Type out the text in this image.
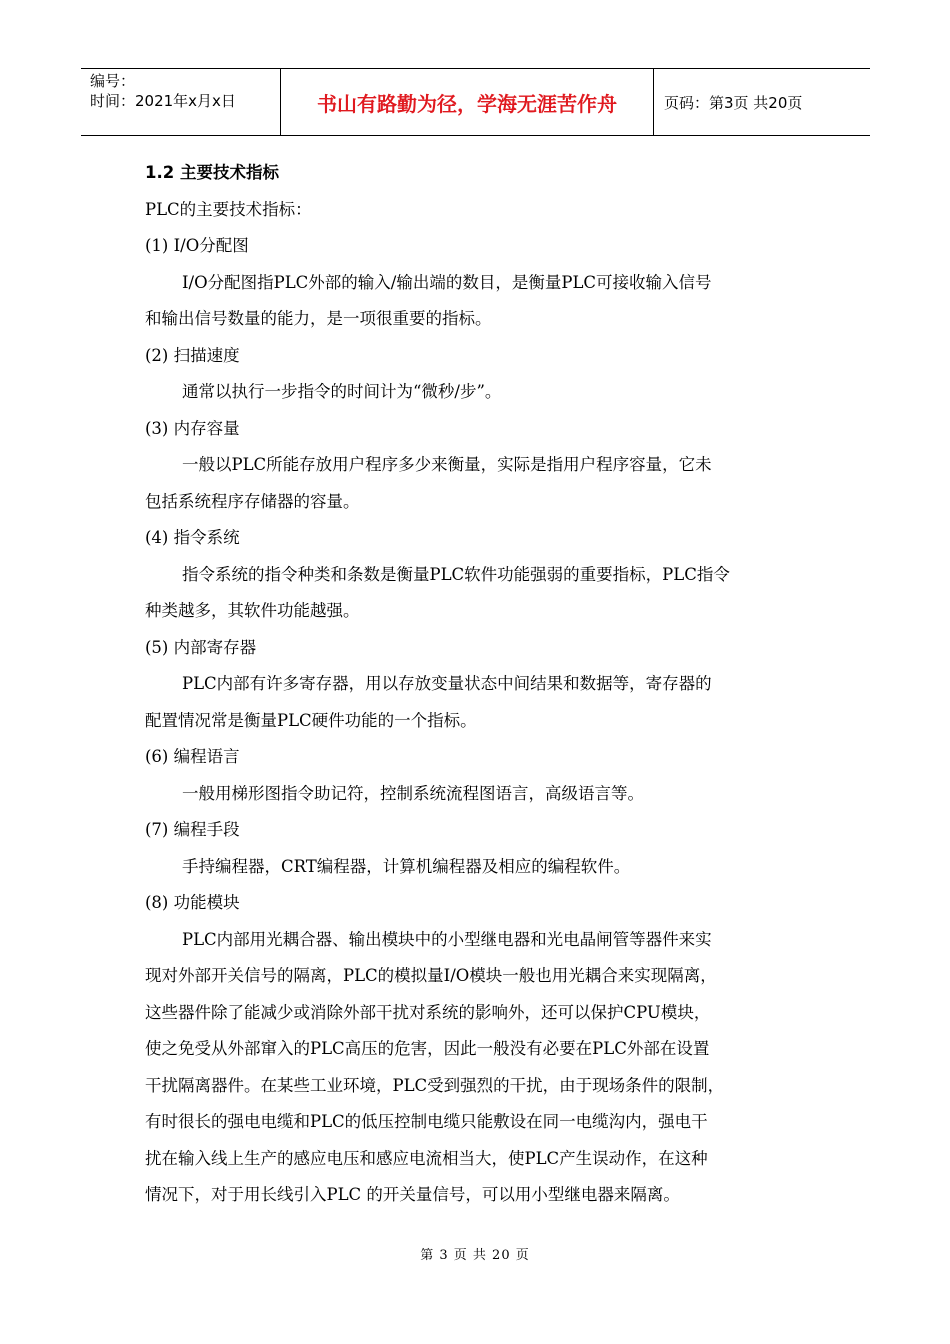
编号：
时间：2021年x月x日	书山有路勤为径，学海无涯苦作舟	页码：第3页 共20页

1.2 主要技术指标

PLC的主要技术指标：

(1) I/O分配图

I/O分配图指PLC外部的输入/输出端的数目，是衡量PLC可接收输入信号

和输出信号数量的能力，是一项很重要的指标。

(2) 扫描速度

通常以执行一步指令的时间计为“微秒/步”。

(3) 内存容量

一般以PLC所能存放用户程序多少来衡量，实际是指用户程序容量，它未

包括系统程序存储器的容量。

(4) 指令系统

指令系统的指令种类和条数是衡量PLC软件功能强弱的重要指标，PLC指令

种类越多，其软件功能越强。

(5) 内部寄存器

PLC内部有许多寄存器，用以存放变量状态中间结果和数据等，寄存器的

配置情况常是衡量PLC硬件功能的一个指标。

(6) 编程语言

一般用梯形图指令助记符，控制系统流程图语言，高级语言等。

(7) 编程手段

手持编程器，CRT编程器，计算机编程器及相应的编程软件。

(8) 功能模块

PLC内部用光耦合器、输出模块中的小型继电器和光电晶闸管等器件来实

现对外部开关信号的隔离，PLC的模拟量I/O模块一般也用光耦合来实现隔离，

这些器件除了能减少或消除外部干扰对系统的影响外，还可以保护CPU模块，

使之免受从外部窜入的PLC高压的危害，因此一般没有必要在PLC外部在设置

干扰隔离器件。在某些工业环境，PLC受到强烈的干扰，由于现场条件的限制，

有时很长的强电电缆和PLC的低压控制电缆只能敷设在同一电缆沟内，强电干

扰在输入线上生产的感应电压和感应电流相当大，使PLC产生误动作，在这种

情况下，对于用长线引入PLC 的开关量信号，可以用小型继电器来隔离。

第 3 页 共 20 页
